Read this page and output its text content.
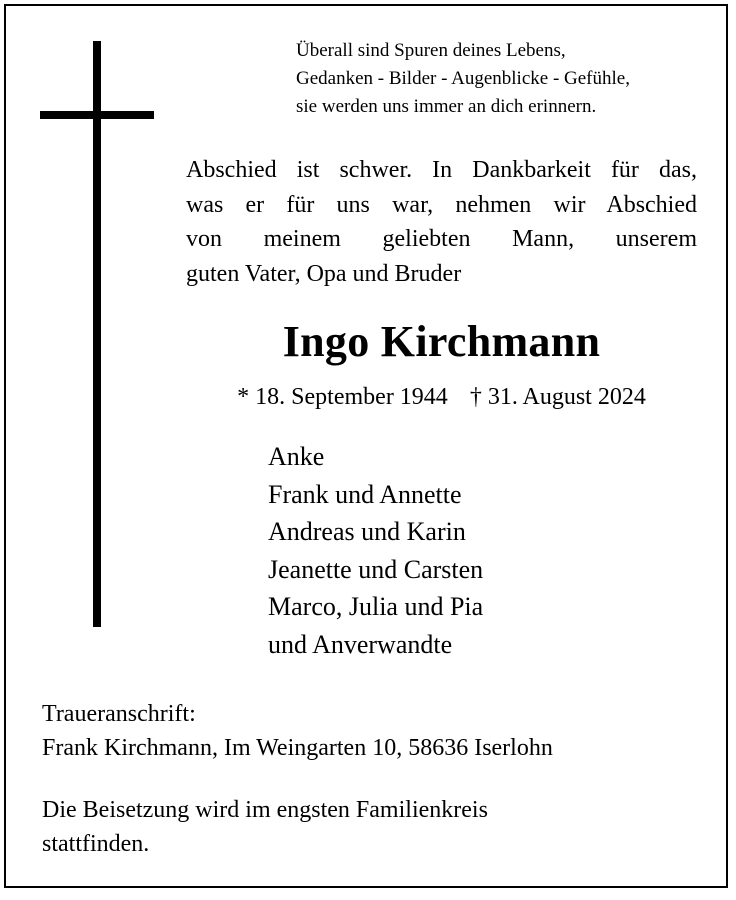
Überall sind Spuren deines Lebens,
Gedanken - Bilder - Augenblicke - Gefühle,
sie werden uns immer an dich erinnern.
Abschied ist schwer. In Dankbarkeit für das,
was er für uns war, nehmen wir Abschied
von meinem geliebten Mann, unserem
guten Vater, Opa und Bruder
Ingo Kirchmann
* 18. September 1944 † 31. August 2024
Anke
Frank und Annette
Andreas und Karin
Jeanette und Carsten
Marco, Julia und Pia
und Anverwandte
Traueranschrift:
Frank Kirchmann, Im Weingarten 10, 58636 Iserlohn
Die Beisetzung wird im engsten Familienkreis
stattfinden.
